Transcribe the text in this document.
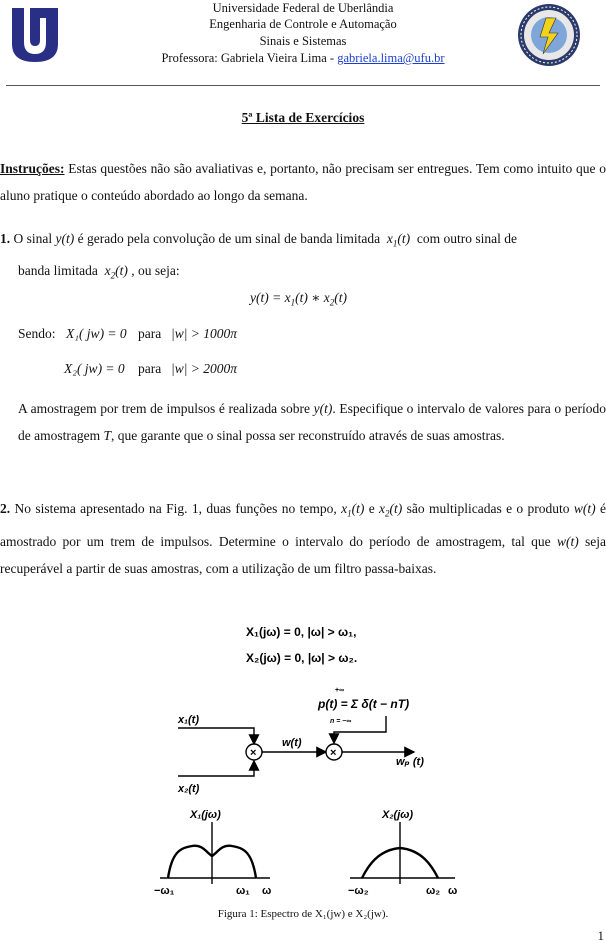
Universidade Federal de Uberlândia
Engenharia de Controle e Automação
Sinais e Sistemas
Professora: Gabriela Vieira Lima - gabriela.lima@ufu.br
5ª Lista de Exercícios
Instruções: Estas questões não são avaliativas e, portanto, não precisam ser entregues. Tem como intuito que o aluno pratique o conteúdo abordado ao longo da semana.
1. O sinal y(t) é gerado pela convolução de um sinal de banda limitada  $x_1(t)$  com outro sinal de
banda limitada  $x_2(t)$ , ou seja:
$y(t) = x_1(t)$ ∗ $x_2(t)$
Sendo: X₁( jw) = 0 para |w| > 1000π
X₂( jw) = 0 para |w| > 2000π
A amostragem por trem de impulsos é realizada sobre y(t). Especifique o intervalo de valores para o período de amostragem T, que garante que o sinal possa ser reconstruído através de suas amostras.
2. No sistema apresentado na Fig. 1, duas funções no tempo, $x_1(t)$ e $x_2(t)$ são multiplicadas e o produto w(t) é amostrado por um trem de impulsos. Determine o intervalo do período de amostragem, tal que w(t) seja recuperável a partir de suas amostras, com a utilização de um filtro passa-baixas.
X₁(jω) = 0, |ω| > ω₁,
X₂(jω) = 0, |ω| > ω₂.
+∞
p(t) = Σ δ(t − nT)
n = −∞
x₁(t)
×
x₂(t)
w(t)
×
wₚ (t)
X₁(jω)
−ω₁	ω₁ ω
X₂(jω)
−ω₂	ω₂ ω
Figura 1: Espectro de X₁(jw) e X₂(jw).
1
